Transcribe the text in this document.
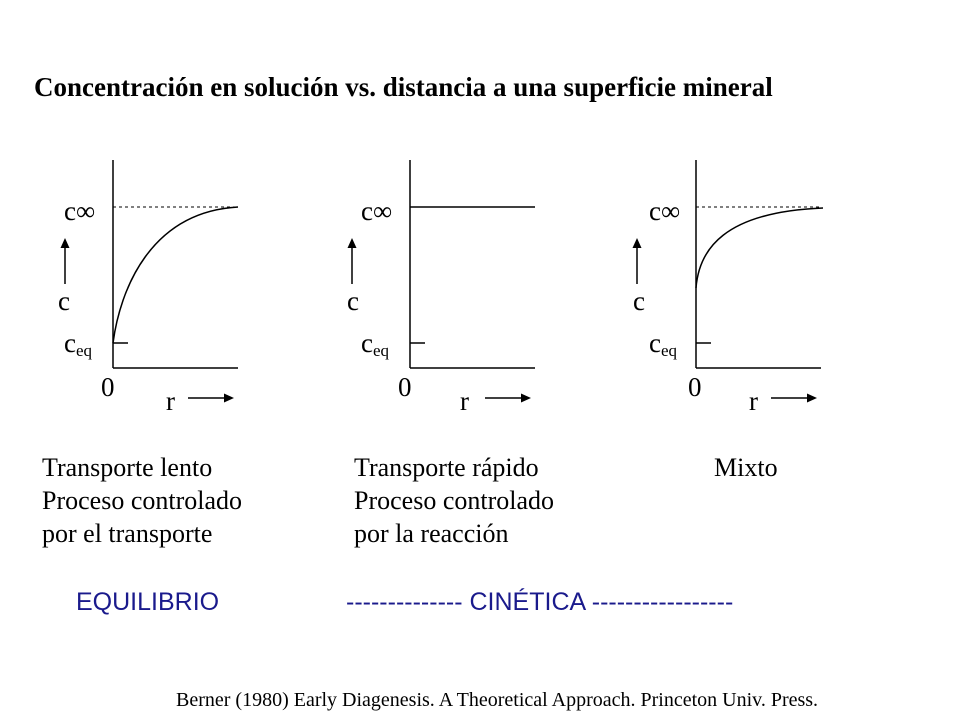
Concentración en solución vs. distancia a una superficie mineral
c∞
c
$c_{eq}$
0 r
c∞
c
$c_{eq}$
0 r
c∞
c
$c_{eq}$
0 r
Transporte lento
Proceso controlado
por el transporte
Transporte rápido
Proceso controlado
por la reacción
Mixto
EQUILIBRIO	-------------- CINÉTICA -----------------
Berner (1980) Early Diagenesis. A Theoretical Approach. Princeton Univ. Press.
